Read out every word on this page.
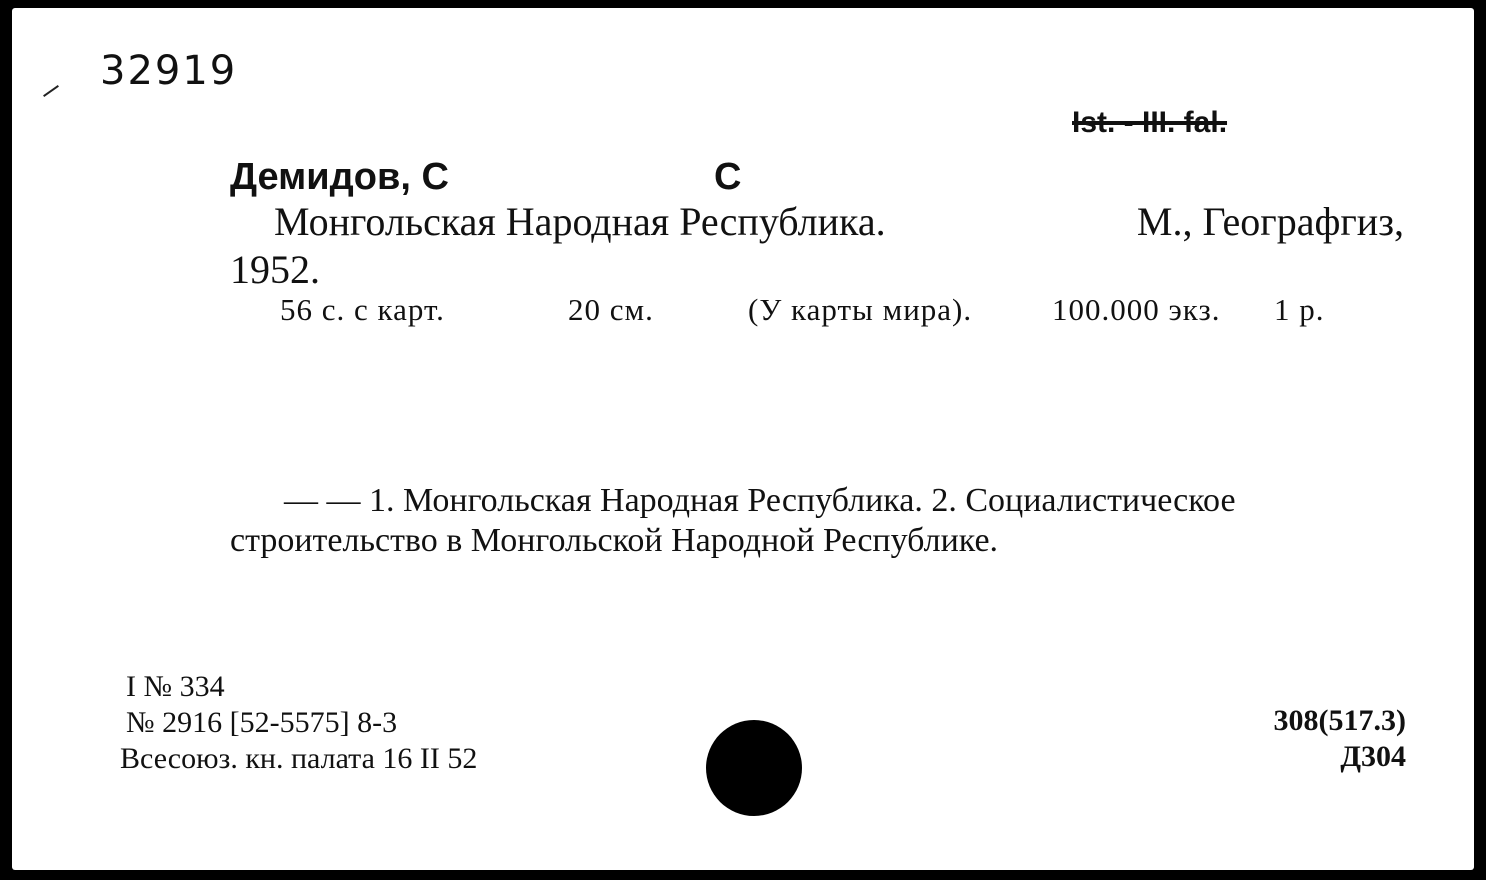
32919
Ist. - III. fal.
Демидов, С	С
Монгольская Народная Республика.	М., Географгиз,
1952.
56 с. с карт.	20 см.	(У карты мира).	100.000 экз. 1 р.
— — 1. Монгольская Народная Республика. 2. Социалистическое
строительство в Монгольской Народной Республике.
I № 334
№ 2916 [52-5575] 8-3
Всесоюз. кн. палата 16 II 52
308(517.3)
Д304
